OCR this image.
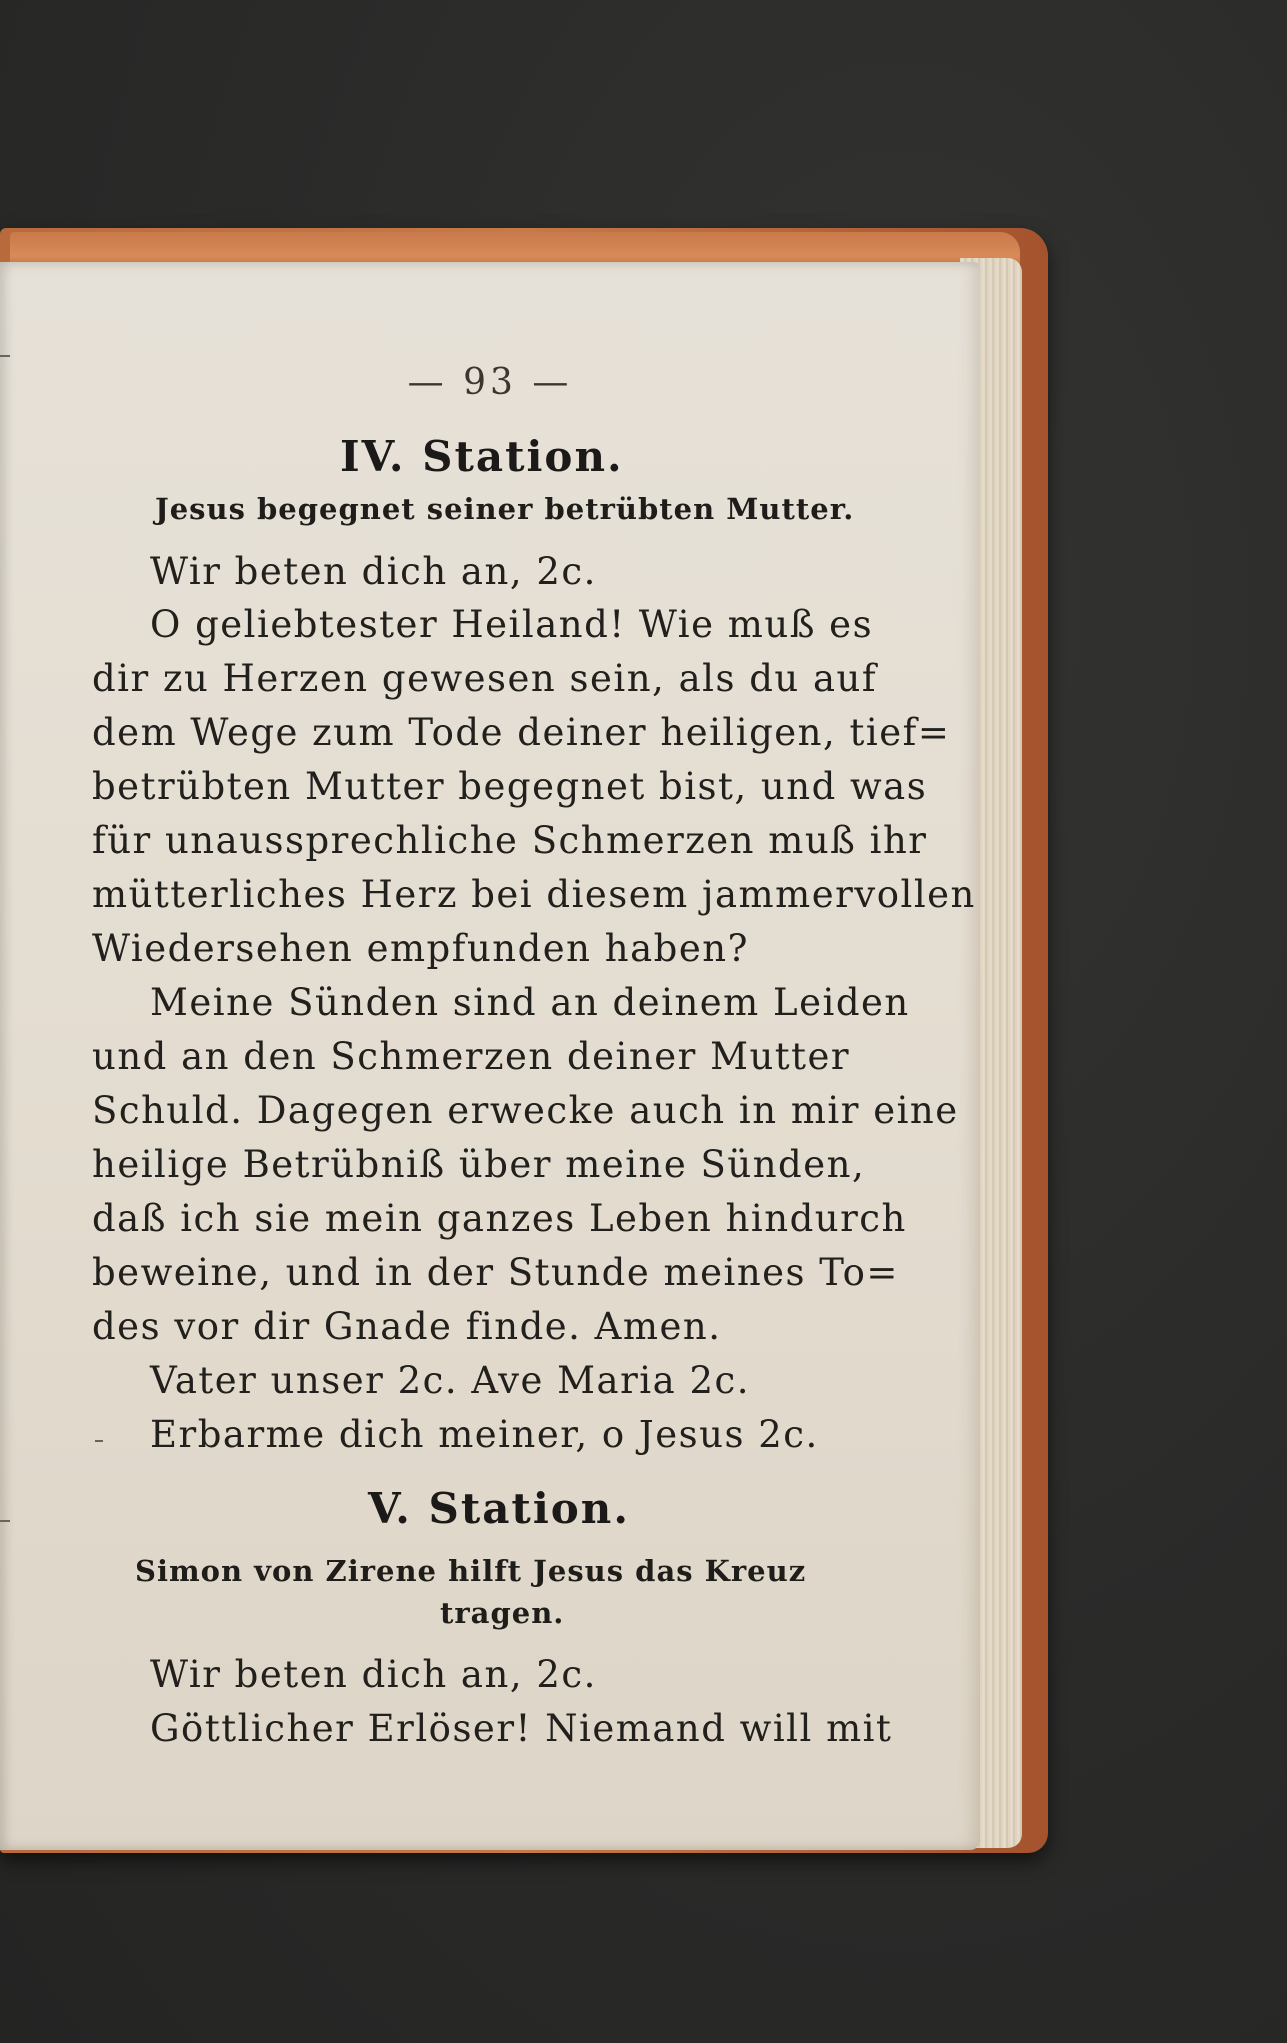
— 93 —
IV. Station.
Jesus begegnet seiner betrübten Mutter.
Wir beten dich an, 2c.
O geliebtester Heiland! Wie muß es
dir zu Herzen gewesen sein, als du auf
dem Wege zum Tode deiner heiligen, tief=
betrübten Mutter begegnet bist, und was
für unaussprechliche Schmerzen muß ihr
mütterliches Herz bei diesem jammervollen
Wiedersehen empfunden haben?
Meine Sünden sind an deinem Leiden
und an den Schmerzen deiner Mutter
Schuld. Dagegen erwecke auch in mir eine
heilige Betrübniß über meine Sünden,
daß ich sie mein ganzes Leben hindurch
beweine, und in der Stunde meines To=
des vor dir Gnade finde. Amen.
Vater unser 2c. Ave Maria 2c.
Erbarme dich meiner, o Jesus 2c.
V. Station.
Simon von Zirene hilft Jesus das Kreuz
tragen.
Wir beten dich an, 2c.
Göttlicher Erlöser! Niemand will mit
